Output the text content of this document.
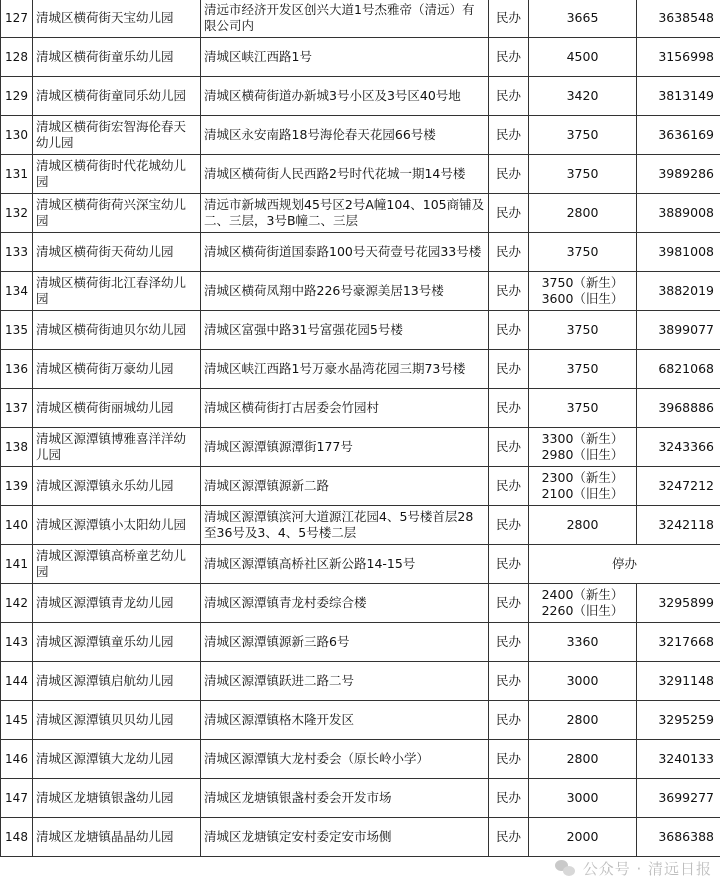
127	清城区横荷街天宝幼儿园	清远市经济开发区创兴大道1号杰雅帝（清远）有限公司内	民办	3665	3638548
128	清城区横荷街童乐幼儿园	清城区峡江西路1号	民办	4500	3156998
129	清城区横荷街童同乐幼儿园	清城区横荷街道办新城3号小区及3号区40号地	民办	3420	3813149
130	清城区横荷街宏智海伦春天幼儿园	清城区永安南路18号海伦春天花园66号楼	民办	3750	3636169
131	清城区横荷街时代花城幼儿园	清城区横荷街人民西路2号时代花城一期14号楼	民办	3750	3989286
132	清城区横荷街荷兴深宝幼儿园	清远市新城西规划45号区2号A幢104、105商铺及二、三层，3号B幢二、三层	民办	2800	3889008
133	清城区横荷街天荷幼儿园	清城区横荷街道国泰路100号天荷壹号花园33号楼	民办	3750	3981008
134	清城区横荷街北江春泽幼儿园	清城区横荷凤翔中路226号豪源美居13号楼	民办	3750（新生）
3600（旧生）	3882019
135	清城区横荷街迪贝尔幼儿园	清城区富强中路31号富强花园5号楼	民办	3750	3899077
136	清城区横荷街万豪幼儿园	清城区峡江西路1号万豪水晶湾花园三期73号楼	民办	3750	6821068
137	清城区横荷街丽城幼儿园	清城区横荷街打古居委会竹园村	民办	3750	3968886
138	清城区源潭镇博雅喜洋洋幼儿园	清城区源潭镇源潭街177号	民办	3300（新生）
2980（旧生）	3243366
139	清城区源潭镇永乐幼儿园	清城区源潭镇源新二路	民办	2300（新生）
2100（旧生）	3247212
140	清城区源潭镇小太阳幼儿园	清城区源潭镇滨河大道源江花园4、5号楼首层28至36号及3、4、5号楼二层	民办	2800	3242118
141	清城区源潭镇高桥童艺幼儿园	清城区源潭镇高桥社区新公路14-15号	民办	停办	
142	清城区源潭镇青龙幼儿园	清城区源潭镇青龙村委综合楼	民办	2400（新生）
2260（旧生）	3295899
143	清城区源潭镇童乐幼儿园	清城区源潭镇源新三路6号	民办	3360	3217668
144	清城区源潭镇启航幼儿园	清城区源潭镇跃进二路二号	民办	3000	3291148
145	清城区源潭镇贝贝幼儿园	清城区源潭镇格木隆开发区	民办	2800	3295259
146	清城区源潭镇大龙幼儿园	清城区源潭镇大龙村委会（原长岭小学）	民办	2800	3240133
147	清城区龙塘镇银盏幼儿园	清城区龙塘镇银盏村委会开发市场	民办	3000	3699277
148	清城区龙塘镇晶晶幼儿园	清城区龙塘镇定安村委定安市场侧	民办	2000	3686388
公众号 · 清远日报
